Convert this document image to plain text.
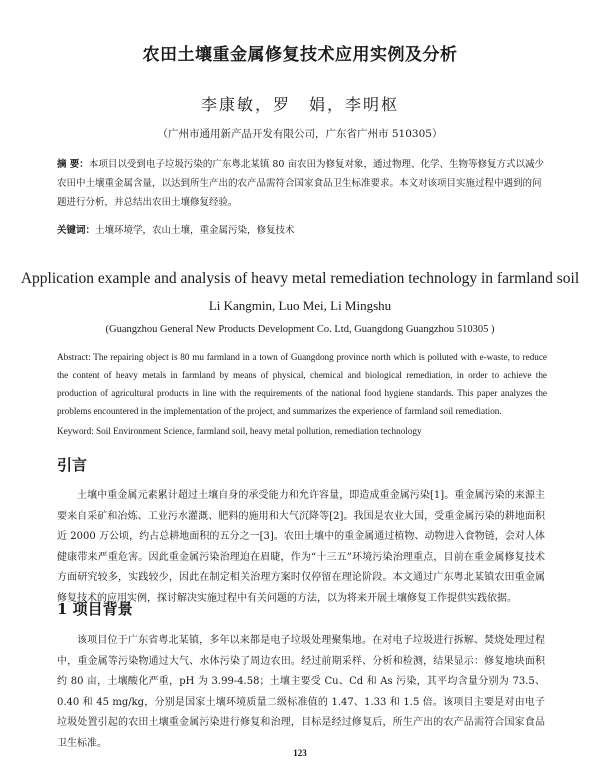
农田土壤重金属修复技术应用实例及分析
李康敏，罗　娟，李明枢
（广州市通用新产品开发有限公司，广东省广州市 510305）
摘 要：本项目以受到电子垃圾污染的广东粤北某镇 80 亩农田为修复对象，通过物理、化学、生物等修复方式以减少农田中土壤重金属含量，以达到所生产出的农产品需符合国家食品卫生标准要求。本文对该项目实施过程中遇到的问题进行分析，并总结出农田土壤修复经验。
关键词：土壤环境学，农山土壤，重金属污染，修复技术
Application example and analysis of heavy metal remediation technology in farmland soil
Li Kangmin, Luo Mei, Li Mingshu
(Guangzhou General New Products Development Co. Ltd, Guangdong Guangzhou 510305 )
Abstract: The repairing object is 80 mu farmland in a town of Guangdong province north which is polluted with e-waste, to reduce the content of heavy metals in farmland by means of physical, chemical and biological remediation, in order to achieve the production of agricultural products in line with the requirements of the national food hygiene standards. This paper analyzes the problems encountered in the implementation of the project, and summarizes the experience of farmland soil remediation.
Keyword: Soil Environment Science, farmland soil, heavy metal pollution, remediation technology
引言
土壤中重金属元素累计超过土壤自身的承受能力和允许容量，即造成重金属污染[1]。重金属污染的来源主要来自采矿和冶炼、工业污水灌溉、肥料的施用和大气沉降等[2]。我国是农业大国，受重金属污染的耕地面积近 2000 万公顷，约占总耕地面积的五分之一[3]。农田土壤中的重金属通过植物、动物进入食物链，会对人体健康带来严重危害。因此重金属污染治理迫在眉睫，作为“十三五”环境污染治理重点，目前在重金属修复技术方面研究较多，实践较少，因此在制定相关治理方案时仅停留在理论阶段。本文通过广东粤北某镇农田重金属修复技术的应用实例，探讨解决实施过程中有关问题的方法，以为将来开展土壤修复工作提供实践依据。
1 项目背景
该项目位于广东省粤北某镇，多年以来都是电子垃圾处理聚集地。在对电子垃圾进行拆解、焚烧处理过程中，重金属等污染物通过大气、水体污染了周边农田。经过前期采样、分析和检测，结果显示：修复地块面积约 80 亩，土壤酸化严重，pH 为 3.99-4.58；土壤主要受 Cu、Cd 和 As 污染，其平均含量分别为 73.5、0.40 和 45 mg/kg，分别是国家土壤环境质量二级标准值的 1.47、1.33 和 1.5 倍。该项目主要是对由电子垃圾处置引起的农田土壤重金属污染进行修复和治理，目标是经过修复后，所生产出的农产品需符合国家食品卫生标准。
123
